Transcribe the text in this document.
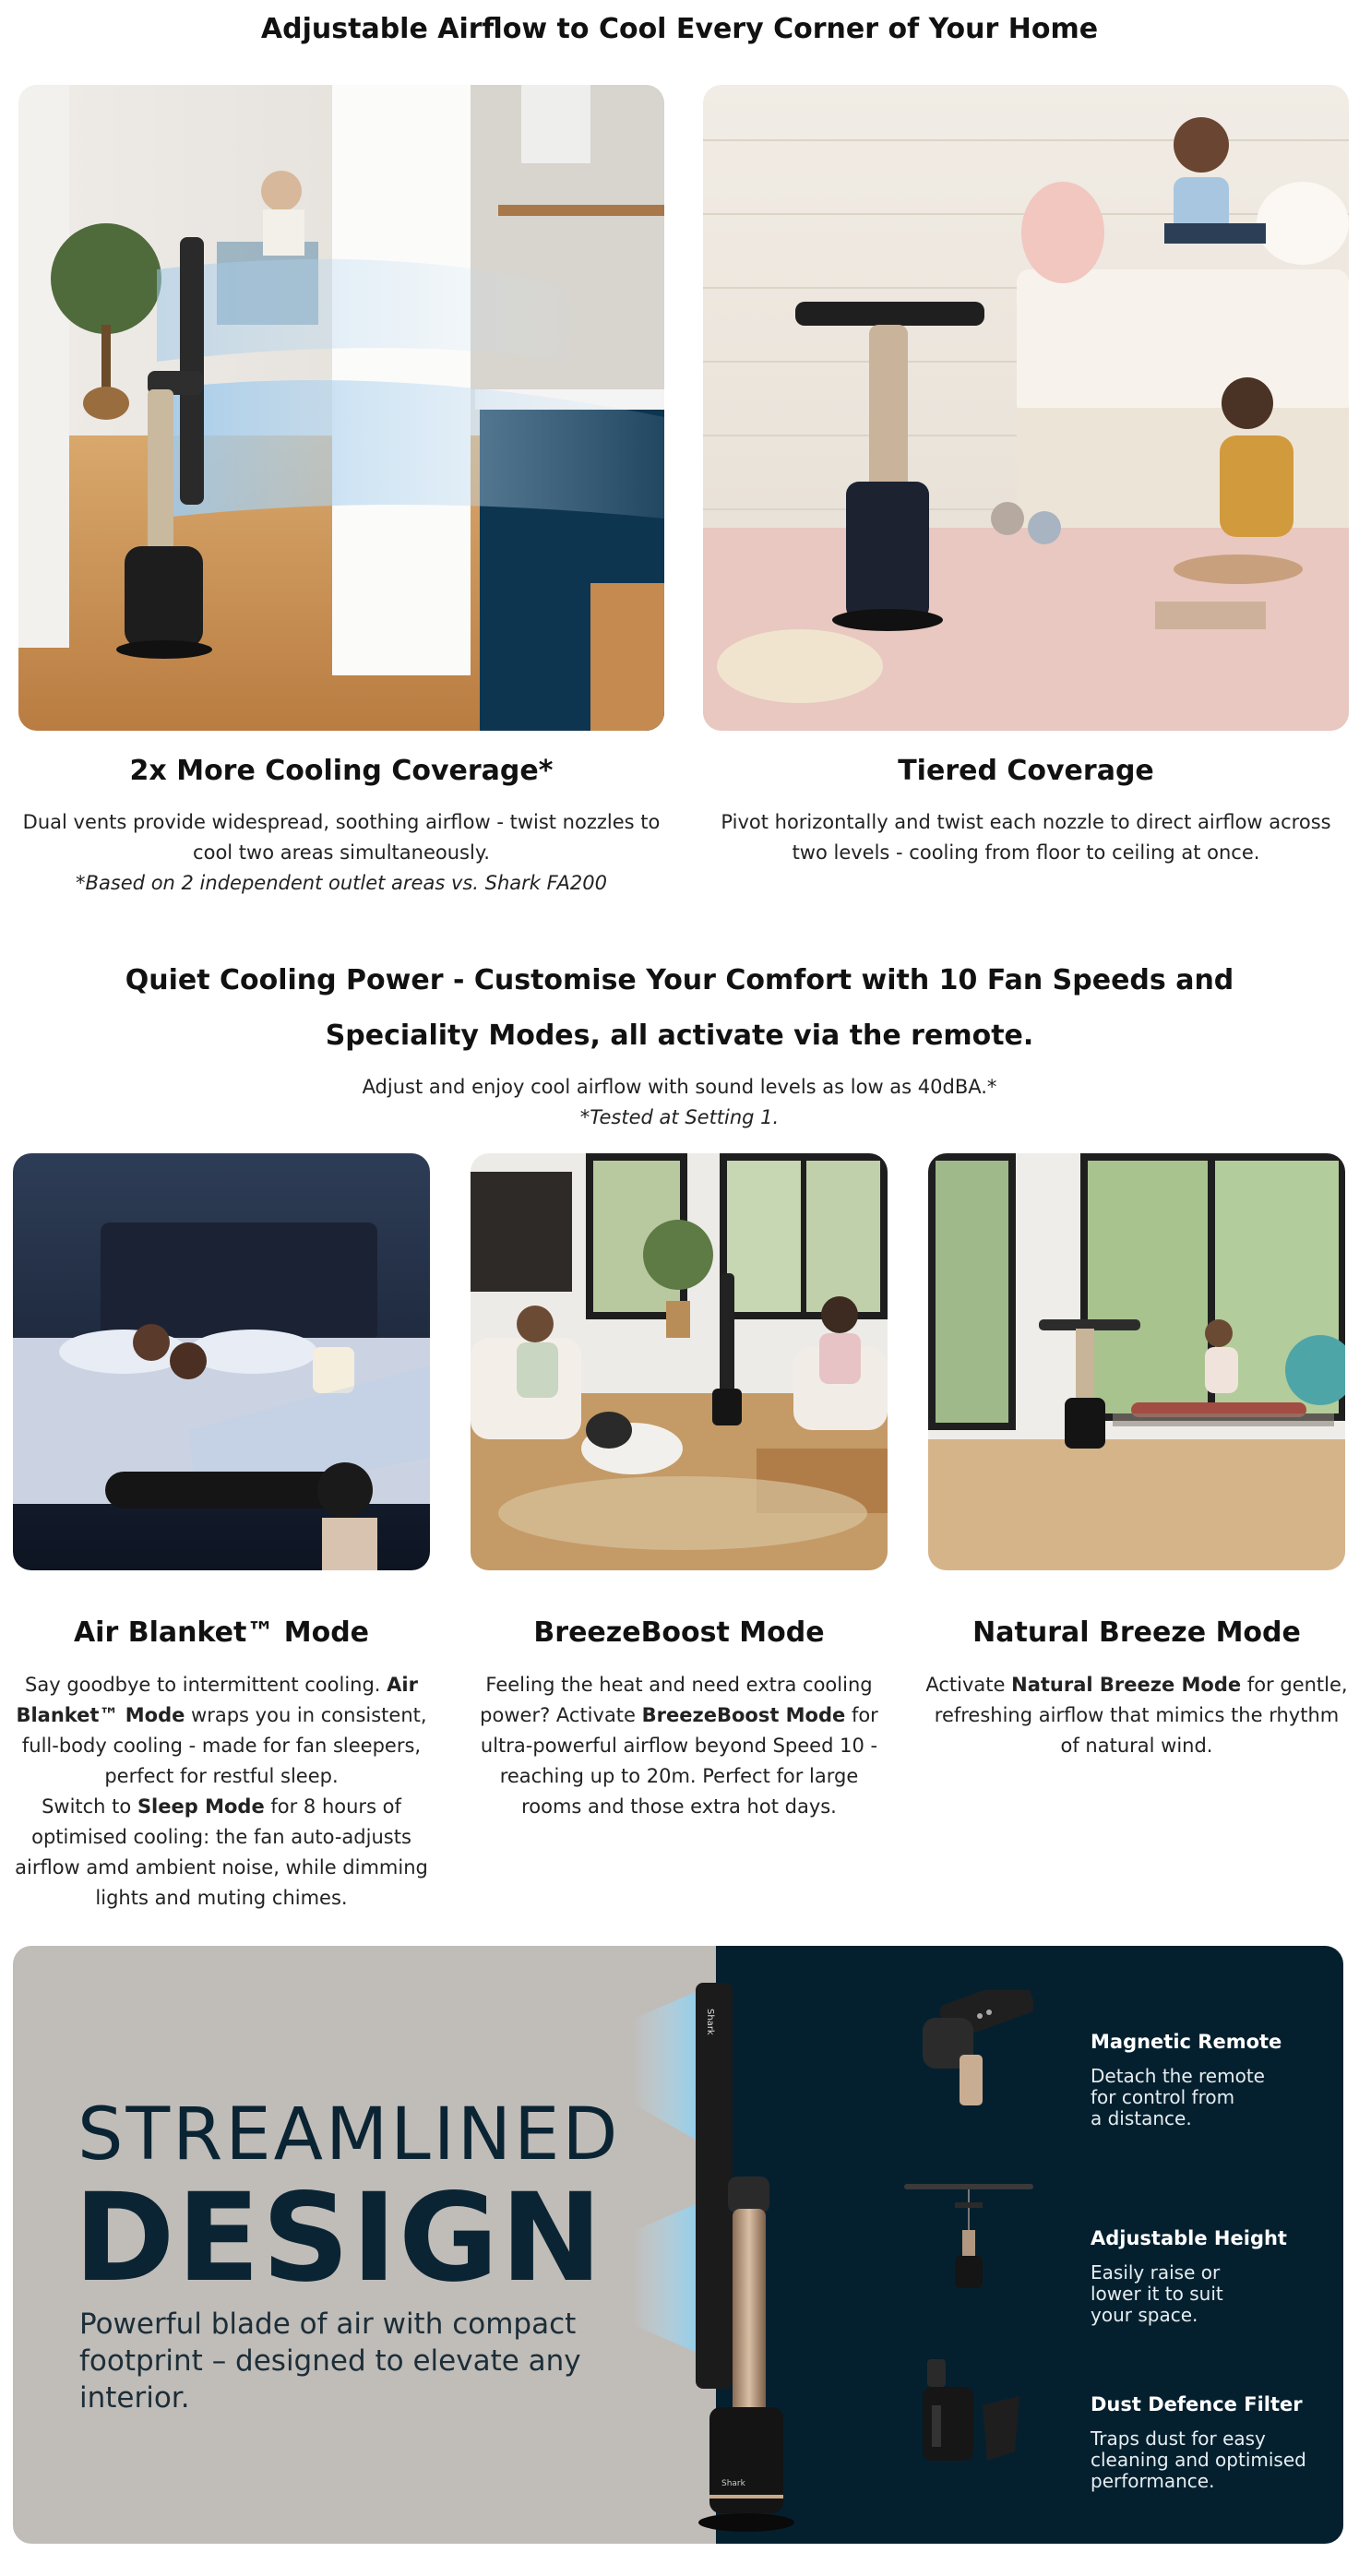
Adjustable Airflow to Cool Every Corner of Your Home
2x More Cooling Coverage*
Dual vents provide widespread, soothing airflow - twist nozzles to
cool two areas simultaneously.
*Based on 2 independent outlet areas vs. Shark FA200
Tiered Coverage
Pivot horizontally and twist each nozzle to direct airflow across
two levels - cooling from floor to ceiling at once.
Quiet Cooling Power - Customise Your Comfort with 10 Fan Speeds and
Speciality Modes, all activate via the remote.
Adjust and enjoy cool airflow with sound levels as low as 40dBA.*
*Tested at Setting 1.
Air Blanket™ Mode
Say goodbye to intermittent cooling. Air
Blanket™ Mode wraps you in consistent,
full-body cooling - made for fan sleepers,
perfect for restful sleep.
Switch to Sleep Mode for 8 hours of
optimised cooling: the fan auto-adjusts
airflow amd ambient noise, while dimming
lights and muting chimes.
BreezeBoost Mode
Feeling the heat and need extra cooling
power? Activate BreezeBoost Mode for
ultra-powerful airflow beyond Speed 10 -
reaching up to 20m. Perfect for large
rooms and those extra hot days.
Natural Breeze Mode
Activate Natural Breeze Mode for gentle,
refreshing airflow that mimics the rhythm
of natural wind.
STREAMLINED
DESIGN
Powerful blade of air with compact
footprint – designed to elevate any
interior.
Shark
Shark
Magnetic Remote
Detach the remote
for control from
a distance.
Adjustable Height
Easily raise or
lower it to suit
your space.
Dust Defence Filter
Traps dust for easy
cleaning and optimised
performance.
